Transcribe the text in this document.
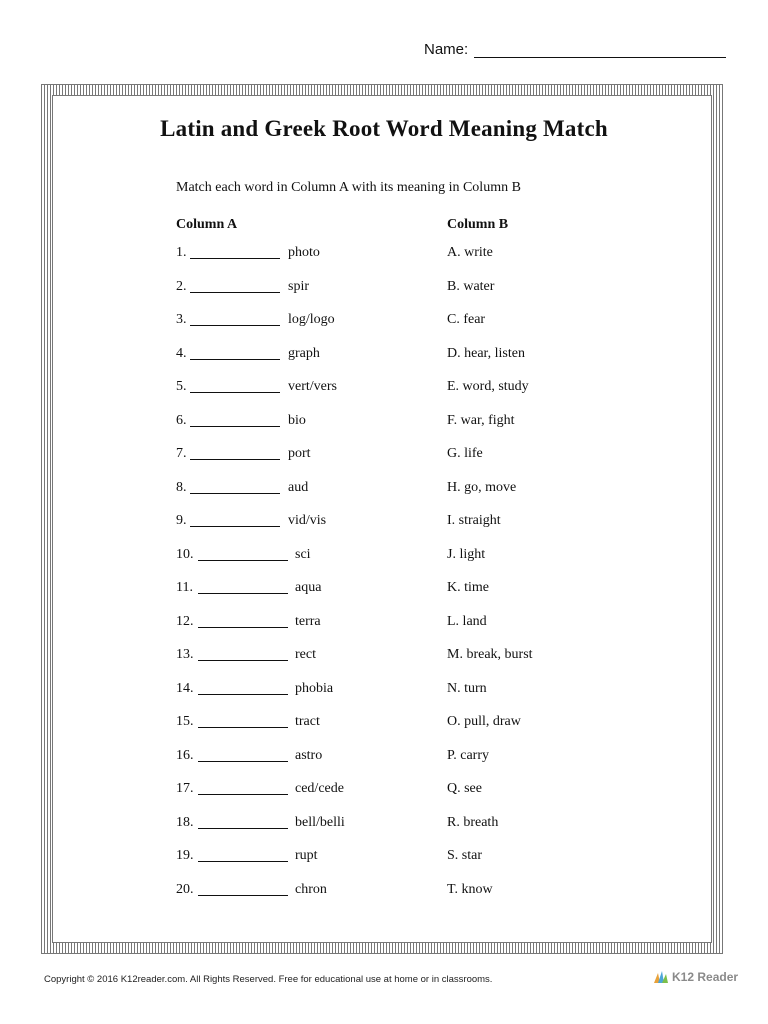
Name:
Latin and Greek Root Word Meaning Match
Match each word in Column A with its meaning in Column B
Column A	Column B
1.	photo	A. write
2.	spir	B. water
3.	log/logo	C. fear
4.	graph	D. hear, listen
5.	vert/vers	E. word, study
6.	bio	F. war, fight
7.	port	G. life
8.	aud	H. go, move
9.	vid/vis	I. straight
10.	sci	J. light
11.	aqua	K. time
12.	terra	L. land
13.	rect	M. break, burst
14.	phobia	N. turn
15.	tract	O. pull, draw
16.	astro	P. carry
17.	ced/cede	Q. see
18.	bell/belli	R. breath
19.	rupt	S. star
20.	chron	T. know
Copyright © 2016 K12reader.com. All Rights Reserved. Free for educational use at home or in classrooms.	K12 Reader
